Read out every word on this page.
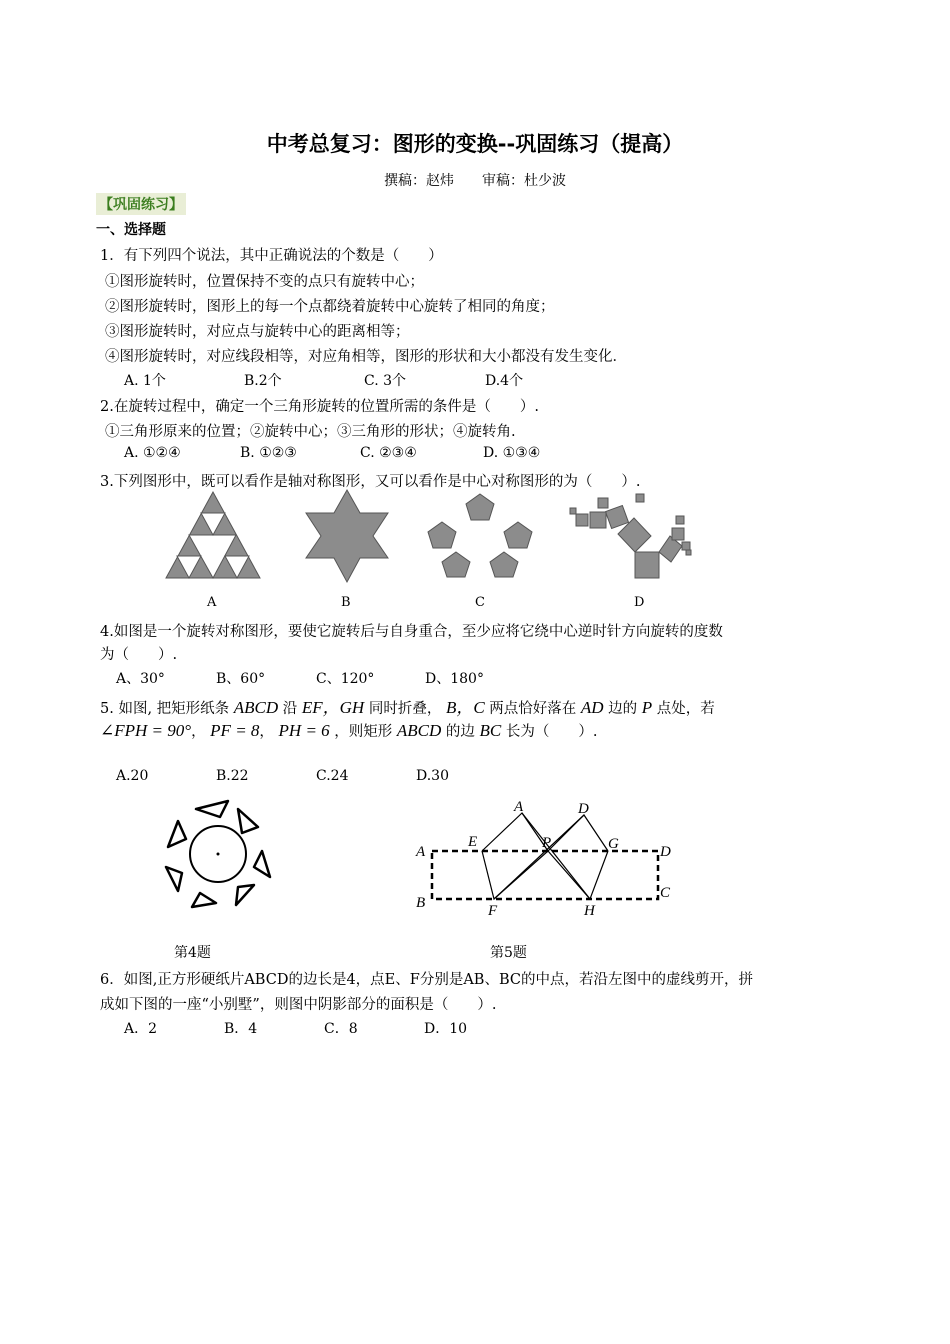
中考总复习：图形的变换--巩固练习（提高）
撰稿：赵炜　　审稿：杜少波
【巩固练习】
一、选择题
1．有下列四个说法，其中正确说法的个数是（　　）
①图形旋转时，位置保持不变的点只有旋转中心；
②图形旋转时，图形上的每一个点都绕着旋转中心旋转了相同的角度；
③图形旋转时，对应点与旋转中心的距离相等；
④图形旋转时，对应线段相等，对应角相等，图形的形状和大小都没有发生变化．
A. 1个	B.2个	C. 3个	D.4个
2.在旋转过程中，确定一个三角形旋转的位置所需的条件是（　　）.
①三角形原来的位置；②旋转中心；③三角形的形状；④旋转角.
A. ①②④	B. ①②③	C. ②③④	D. ①③④
3.下列图形中，既可以看作是轴对称图形，又可以看作是中心对称图形的为（　　）.
A	B	C	D
4.如图是一个旋转对称图形，要使它旋转后与自身重合，至少应将它绕中心逆时针方向旋转的度数
为（　　）.
A、30°	B、60°	C、120°	D、180°
5. 如图, 把矩形纸条 ABCD 沿 EF，GH 同时折叠， B，C 两点恰好落在 AD 边的 P 点处，若
∠FPH = 90°， PF = 8， PH = 6 ，则矩形 ABCD 的边 BC 长为（　　）.
A.20	B.22	C.24	D.30
A
B
C
D
A	D
E	P	G
F	H
第4题	第5题
6．如图,正方形硬纸片ABCD的边长是4，点E、F分别是AB、BC的中点，若沿左图中的虚线剪开，拼
成如下图的一座“小别墅”，则图中阴影部分的面积是（　　）.
A．2	B．4	C．8	D．10
